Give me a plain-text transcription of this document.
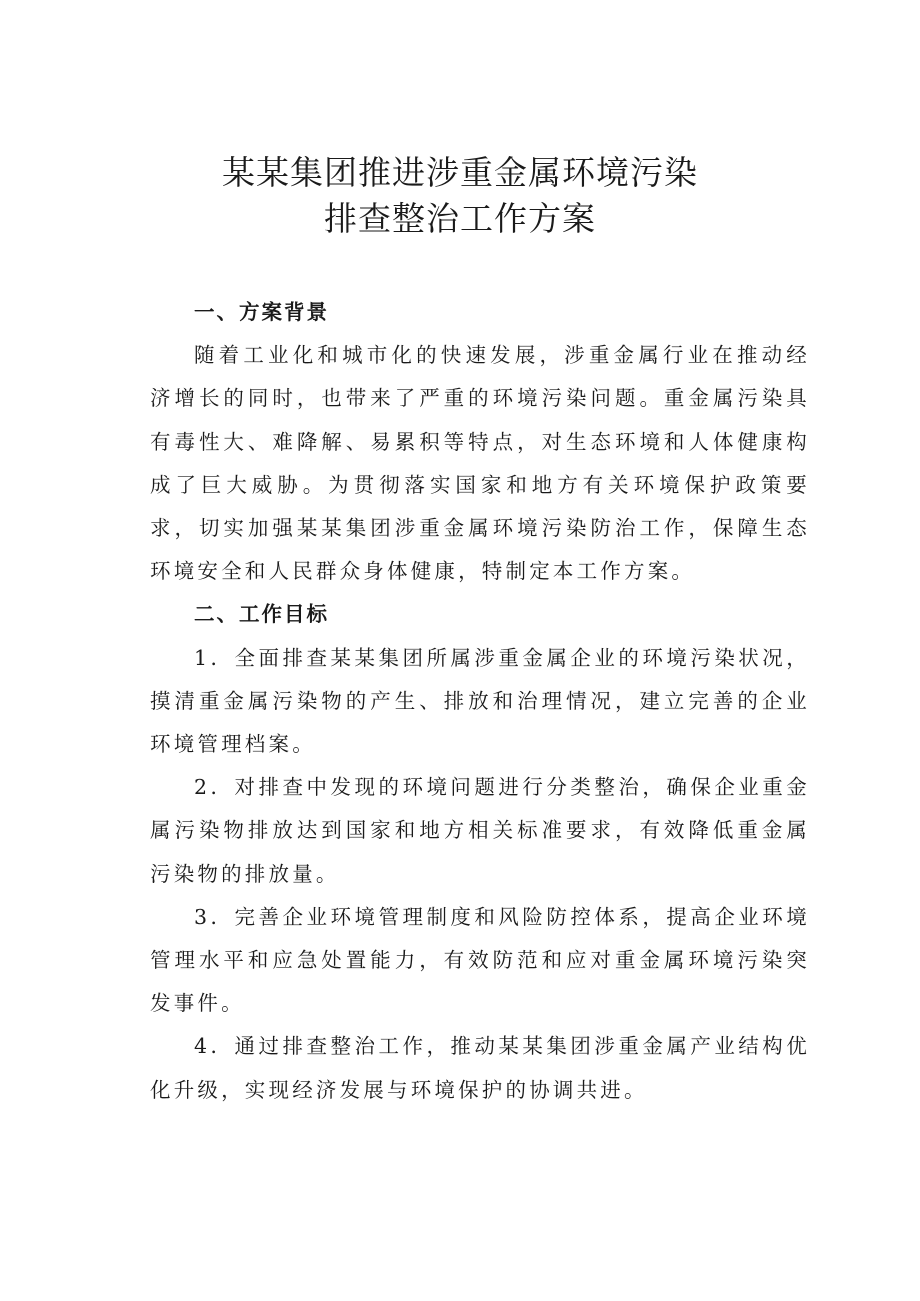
某某集团推进涉重金属环境污染
排查整治工作方案

一、方案背景

随着工业化和城市化的快速发展，涉重金属行业在推动经济增长的同时，也带来了严重的环境污染问题。重金属污染具有毒性大、难降解、易累积等特点，对生态环境和人体健康构成了巨大威胁。为贯彻落实国家和地方有关环境保护政策要求，切实加强某某集团涉重金属环境污染防治工作，保障生态环境安全和人民群众身体健康，特制定本工作方案。

二、工作目标

1．全面排查某某集团所属涉重金属企业的环境污染状况，摸清重金属污染物的产生、排放和治理情况，建立完善的企业环境管理档案。

2．对排查中发现的环境问题进行分类整治，确保企业重金属污染物排放达到国家和地方相关标准要求，有效降低重金属污染物的排放量。

3．完善企业环境管理制度和风险防控体系，提高企业环境管理水平和应急处置能力，有效防范和应对重金属环境污染突发事件。

4．通过排查整治工作，推动某某集团涉重金属产业结构优化升级，实现经济发展与环境保护的协调共进。
